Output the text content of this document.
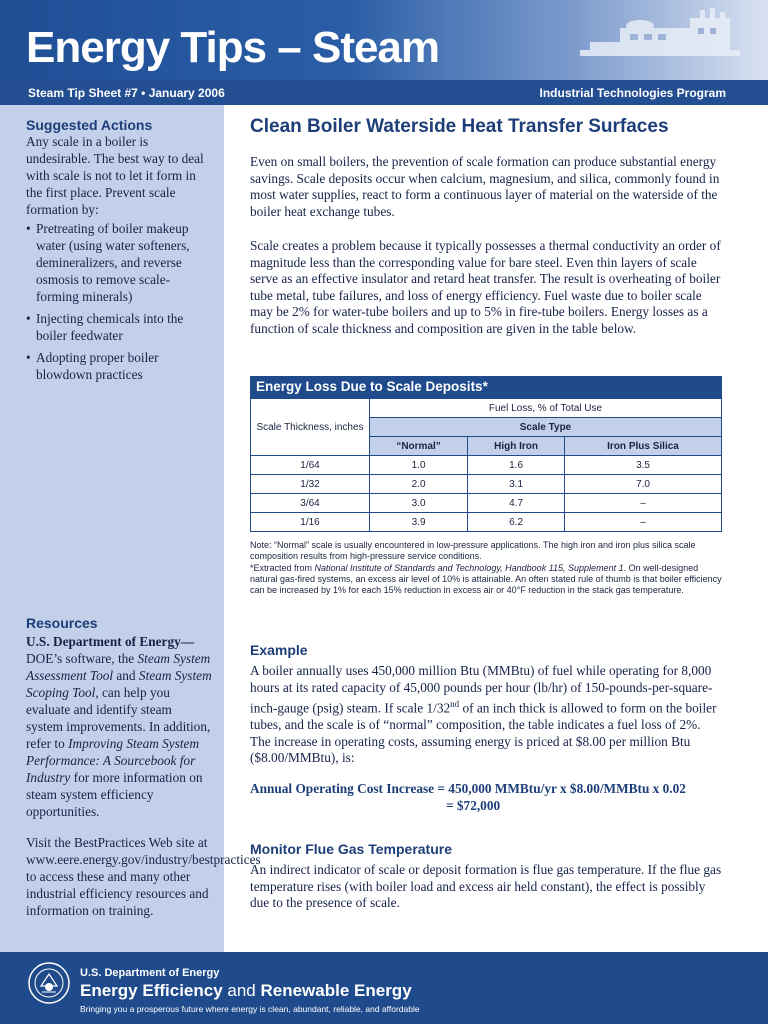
Energy Tips – Steam
Steam Tip Sheet #7 • January 2006	Industrial Technologies Program
Suggested Actions
Any scale in a boiler is undesirable. The best way to deal with scale is not to let it form in the first place. Prevent scale formation by:
• Pretreating of boiler makeup water (using water softeners, demineralizers, and reverse osmosis to remove scale-forming minerals)
• Injecting chemicals into the boiler feedwater
• Adopting proper boiler blowdown practices
Resources

U.S. Department of Energy—
DOE’s software, the Steam System Assessment Tool and Steam System Scoping Tool, can help you evaluate and identify steam system improvements. In addition, refer to Improving Steam System Performance: A Sourcebook for Industry for more information on steam system efficiency opportunities.

Visit the BestPractices Web site at www.eere.energy.gov/industry/bestpractices to access these and many other industrial efficiency resources and information on training.

Clean Boiler Waterside Heat Transfer Surfaces

Even on small boilers, the prevention of scale formation can produce substantial energy savings. Scale deposits occur when calcium, magnesium, and silica, commonly found in most water supplies, react to form a continuous layer of material on the waterside of the boiler heat exchange tubes.

Scale creates a problem because it typically possesses a thermal conductivity an order of magnitude less than the corresponding value for bare steel. Even thin layers of scale serve as an effective insulator and retard heat transfer. The result is overheating of boiler tube metal, tube failures, and loss of energy efficiency. Fuel waste due to boiler scale may be 2% for water-tube boilers and up to 5% in fire-tube boilers. Energy losses as a function of scale thickness and composition are given in the table below.

Energy Loss Due to Scale Deposits*
Scale Thickness, inches	Fuel Loss, % of Total Use		
	Scale Type		
	“Normal”	High Iron	Iron Plus Silica
1/64	1.0	1.6	3.5
1/32	2.0	3.1	7.0
3/64	3.0	4.7	–
1/16	3.9	6.2	–

Note: “Normal” scale is usually encountered in low-pressure applications. The high iron and iron plus silica scale composition results from high-pressure service conditions.

*Extracted from National Institute of Standards and Technology, Handbook 115, Supplement 1. On well-designed natural gas-fired systems, an excess air level of 10% is attainable. An often stated rule of thumb is that boiler efficiency can be increased by 1% for each 15% reduction in excess air or 40°F reduction in the stack gas temperature.

Example

A boiler annually uses 450,000 million Btu (MMBtu) of fuel while operating for 8,000 hours at its rated capacity of 45,000 pounds per hour (lb/hr) of 150-pounds-per-square-inch-gauge (psig) steam. If scale 1/32nd of an inch thick is allowed to form on the boiler tubes, and the scale is of “normal” composition, the table indicates a fuel loss of 2%. The increase in operating costs, assuming energy is priced at $8.00 per million Btu ($8.00/MMBtu), is:

Annual Operating Cost Increase = 450,000 MMBtu/yr x $8.00/MMBtu x 0.02
= $72,000
Monitor Flue Gas Temperature

An indirect indicator of scale or deposit formation is flue gas temperature. If the flue gas temperature rises (with boiler load and excess air held constant), the effect is possibly due to the presence of scale.

U.S. Department of Energy
Energy Efficiency and Renewable Energy
Bringing you a prosperous future where energy is clean, abundant, reliable, and affordable
